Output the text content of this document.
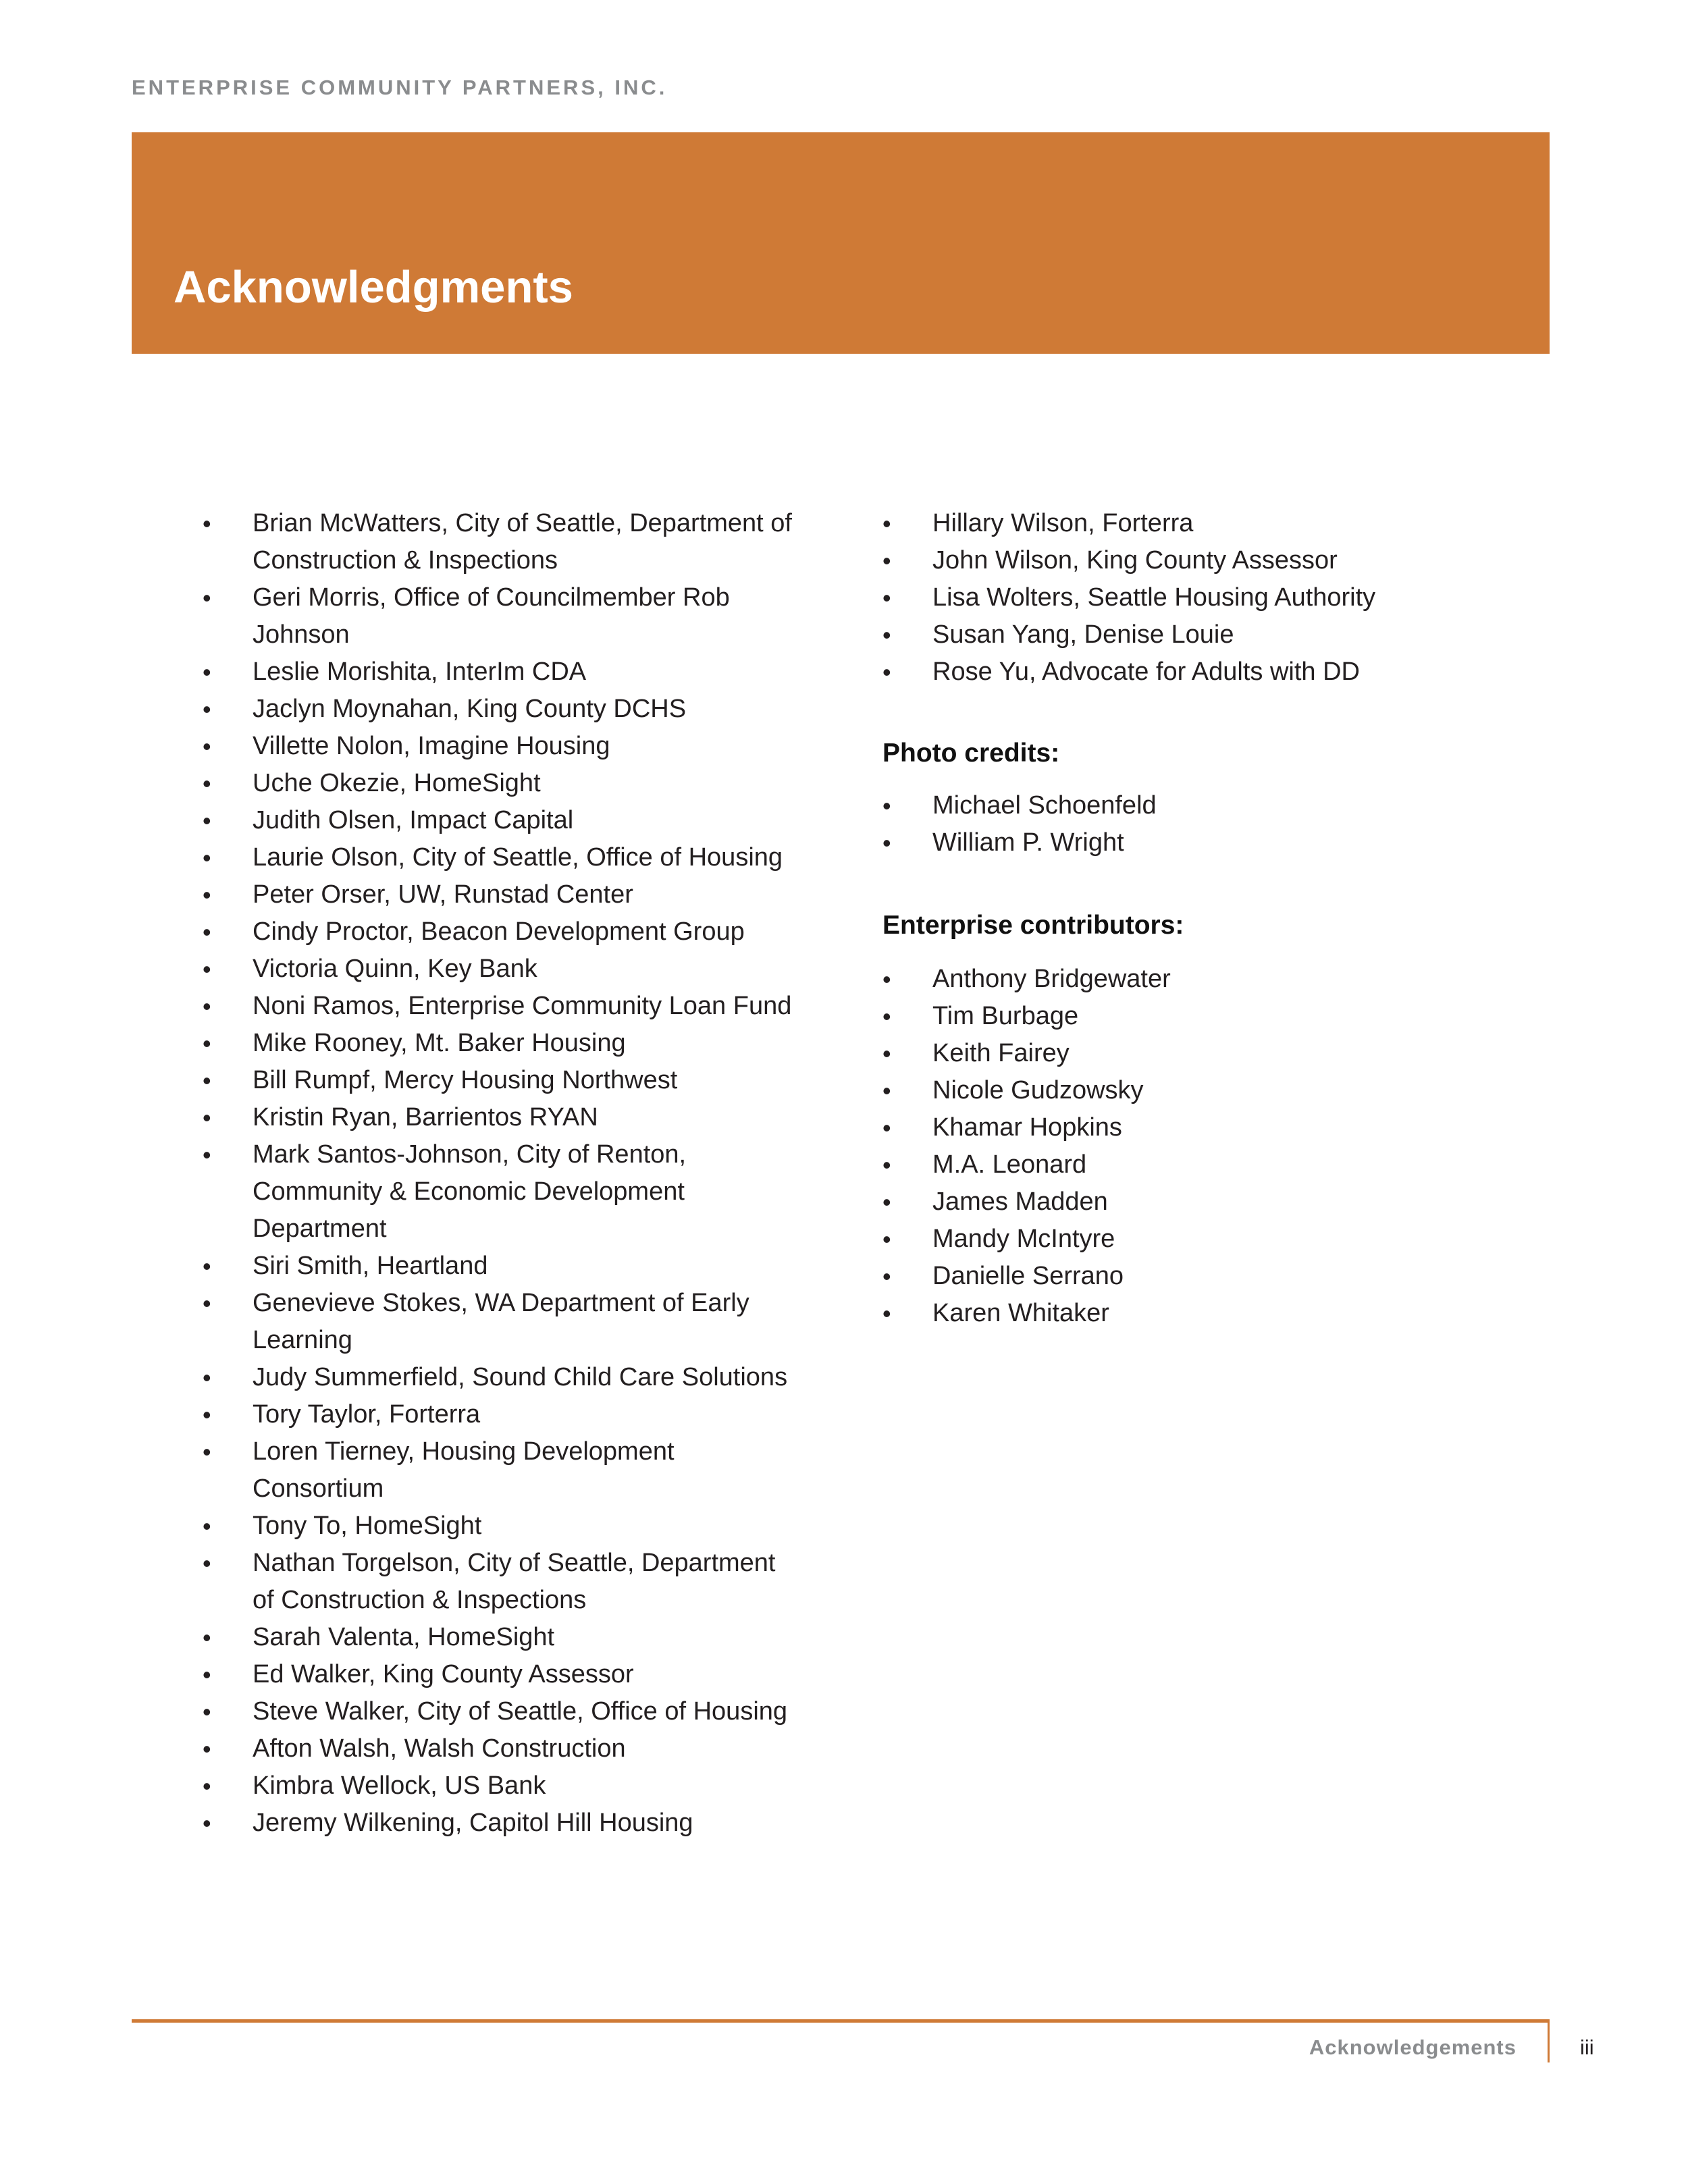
ENTERPRISE COMMUNITY PARTNERS, INC.
Acknowledgments
• Brian McWatters, City of Seattle, Department of Construction & Inspections
• Geri Morris, Office of Councilmember Rob Johnson
• Leslie Morishita, InterIm CDA
• Jaclyn Moynahan, King County DCHS
• Villette Nolon, Imagine Housing
• Uche Okezie, HomeSight
• Judith Olsen, Impact Capital
• Laurie Olson, City of Seattle, Office of Housing
• Peter Orser, UW, Runstad Center
• Cindy Proctor, Beacon Development Group
• Victoria Quinn, Key Bank
• Noni Ramos, Enterprise Community Loan Fund
• Mike Rooney, Mt. Baker Housing
• Bill Rumpf, Mercy Housing Northwest
• Kristin Ryan, Barrientos RYAN
• Mark Santos-Johnson, City of Renton, Community & Economic Development Department
• Siri Smith, Heartland
• Genevieve Stokes, WA Department of Early Learning
• Judy Summerfield, Sound Child Care Solutions
• Tory Taylor, Forterra
• Loren Tierney, Housing Development Consortium
• Tony To, HomeSight
• Nathan Torgelson, City of Seattle, Department of Construction & Inspections
• Sarah Valenta, HomeSight
• Ed Walker, King County Assessor
• Steve Walker, City of Seattle, Office of Housing
• Afton Walsh, Walsh Construction
• Kimbra Wellock, US Bank
• Jeremy Wilkening, Capitol Hill Housing
• Hillary Wilson, Forterra
• John Wilson, King County Assessor
• Lisa Wolters, Seattle Housing Authority
• Susan Yang, Denise Louie
• Rose Yu, Advocate for Adults with DD
Photo credits:
• Michael Schoenfeld
• William P. Wright
Enterprise contributors:
• Anthony Bridgewater
• Tim Burbage
• Keith Fairey
• Nicole Gudzowsky
• Khamar Hopkins
• M.A. Leonard
• James Madden
• Mandy McIntyre
• Danielle Serrano
• Karen Whitaker
Acknowledgements	iii
